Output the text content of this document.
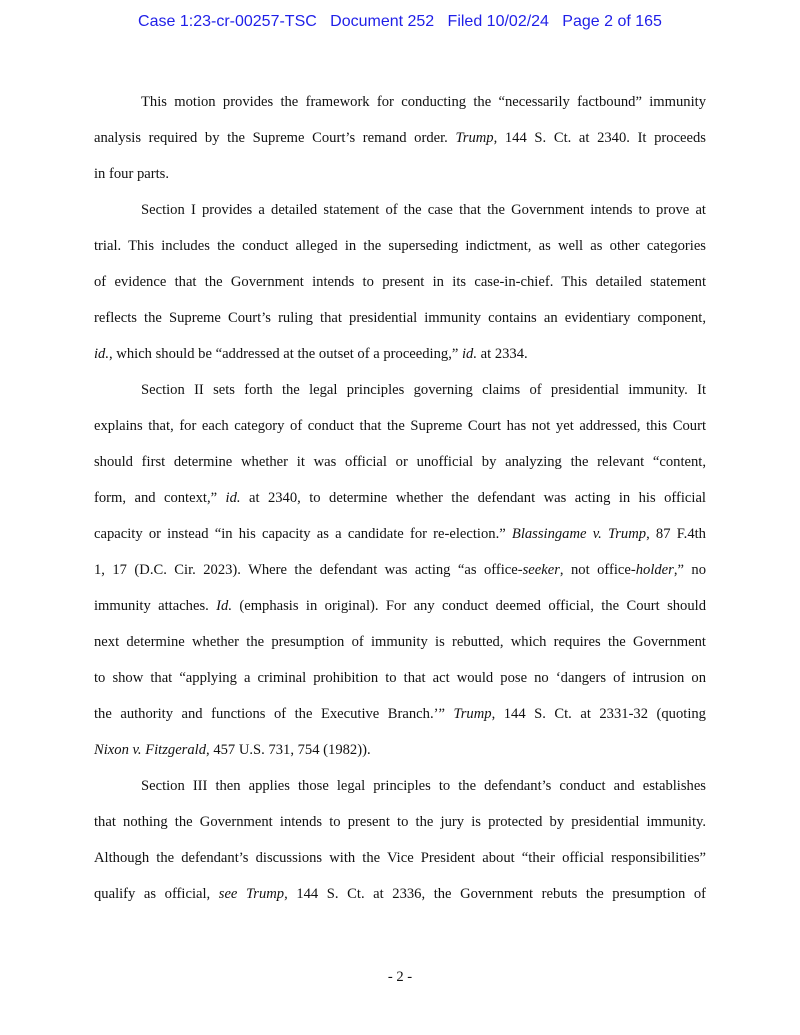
Case 1:23-cr-00257-TSC Document 252 Filed 10/02/24 Page 2 of 165
This motion provides the framework for conducting the “necessarily factbound” immunity
analysis required by the Supreme Court’s remand order. Trump, 144 S. Ct. at 2340. It proceeds
in four parts.
Section I provides a detailed statement of the case that the Government intends to prove at
trial. This includes the conduct alleged in the superseding indictment, as well as other categories
of evidence that the Government intends to present in its case-in-chief. This detailed statement
reflects the Supreme Court’s ruling that presidential immunity contains an evidentiary component,
id., which should be “addressed at the outset of a proceeding,” id. at 2334.
Section II sets forth the legal principles governing claims of presidential immunity. It
explains that, for each category of conduct that the Supreme Court has not yet addressed, this Court
should first determine whether it was official or unofficial by analyzing the relevant “content,
form, and context,” id. at 2340, to determine whether the defendant was acting in his official
capacity or instead “in his capacity as a candidate for re-election.” Blassingame v. Trump, 87 F.4th
1, 17 (D.C. Cir. 2023). Where the defendant was acting “as office-seeker, not office-holder,” no
immunity attaches. Id. (emphasis in original). For any conduct deemed official, the Court should
next determine whether the presumption of immunity is rebutted, which requires the Government
to show that “applying a criminal prohibition to that act would pose no ‘dangers of intrusion on
the authority and functions of the Executive Branch.’” Trump, 144 S. Ct. at 2331-32 (quoting
Nixon v. Fitzgerald, 457 U.S. 731, 754 (1982)).
Section III then applies those legal principles to the defendant’s conduct and establishes
that nothing the Government intends to present to the jury is protected by presidential immunity.
Although the defendant’s discussions with the Vice President about “their official responsibilities”
qualify as official, see Trump, 144 S. Ct. at 2336, the Government rebuts the presumption of
- 2 -
